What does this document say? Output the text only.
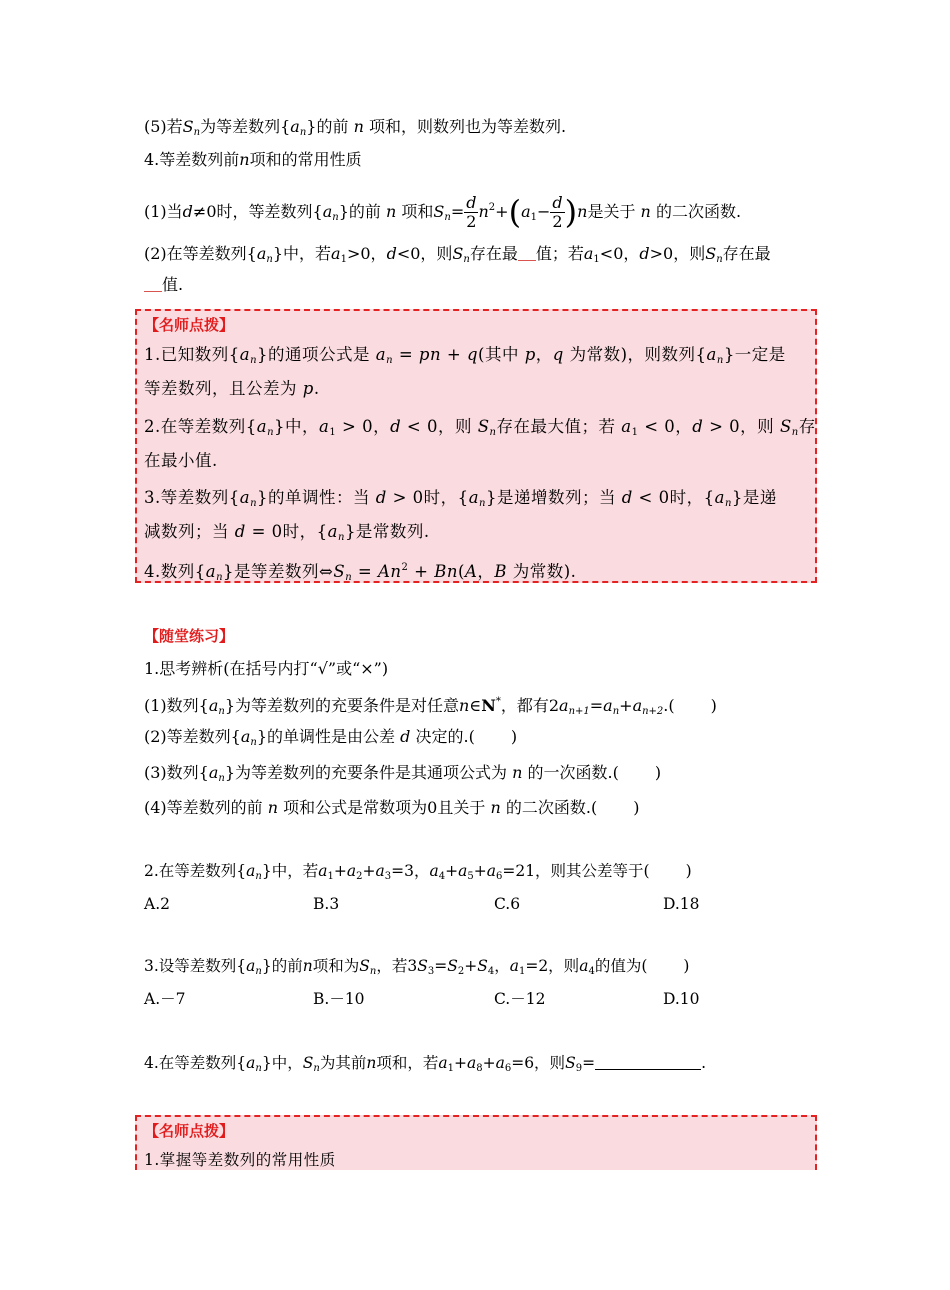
(5)若$S_n$为等差数列$\{a_n\}$的前 n 项和，则数列也为等差数列.
4.等差数列前n项和的常用性质
(1)当d≠0时，等差数列$\{a_n\}$的前 n 项和$S_n= \frac{d}{2} n^2+(a_1- \frac{d}{2} )n$是关于 n 的二次函数.
(2)在等差数列$\{a_n\}$中，若$a_1>0$，d<0，则$S_n$存在最 值；若$a_1<0$，d>0，则$S_n$存在最
值.
【名师点拨】
1.已知数列$\{a_n\}$的通项公式是 $a_n$ = pn + q(其中 p，q 为常数)，则数列$\{a_n\}$一定是
等差数列，且公差为 p.
2.在等差数列$\{a_n\}$中，$a_1 > 0$，d < 0，则 $S_n$存在最大值；若 $a_1 < 0$，d > 0，则 $S_n$存
在最小值.
3.等差数列$\{a_n\}$的单调性：当 d > 0时，$\{a_n\}$是递增数列；当 d < 0时，$\{a_n\}$是递
减数列；当 d = 0时，$\{a_n\}$是常数列.
4.数列$\{a_n\}$是等差数列$\Leftrightarrow S_n = An^2 + Bn(A$，B 为常数).
【随堂练习】
1.思考辨析(在括号内打“√”或“×”)
(1)数列$\{a_n\}$为等差数列的充要条件是对任意n∈N*，都有$2a_{n+1}=a_n+a_{n+2}$.( )
(2)等差数列$\{a_n\}$的单调性是由公差 d 决定的.( )
(3)数列$\{a_n\}$为等差数列的充要条件是其通项公式为 n 的一次函数.( )
(4)等差数列的前 n 项和公式是常数项为0且关于 n 的二次函数.( )
2.在等差数列$\{a_n\}$中，若$a_1+a_2+a_3=3$，$a_4+a_5+a_6=21$，则其公差等于( )
A.2	B.3	C.6	D.18
3.设等差数列$\{a_n\}$的前n项和为$S_n$，若$3S_3=S_2+S_4$，$a_1=2$，则$a_4$的值为( )
A.－7	B.－10	C.－12	D.10
4.在等差数列$\{a_n\}$中，$S_n$为其前n项和，若$a_1+a_8+a_6=6$，则$S_9=$	.
【名师点拨】
1.掌握等差数列的常用性质
